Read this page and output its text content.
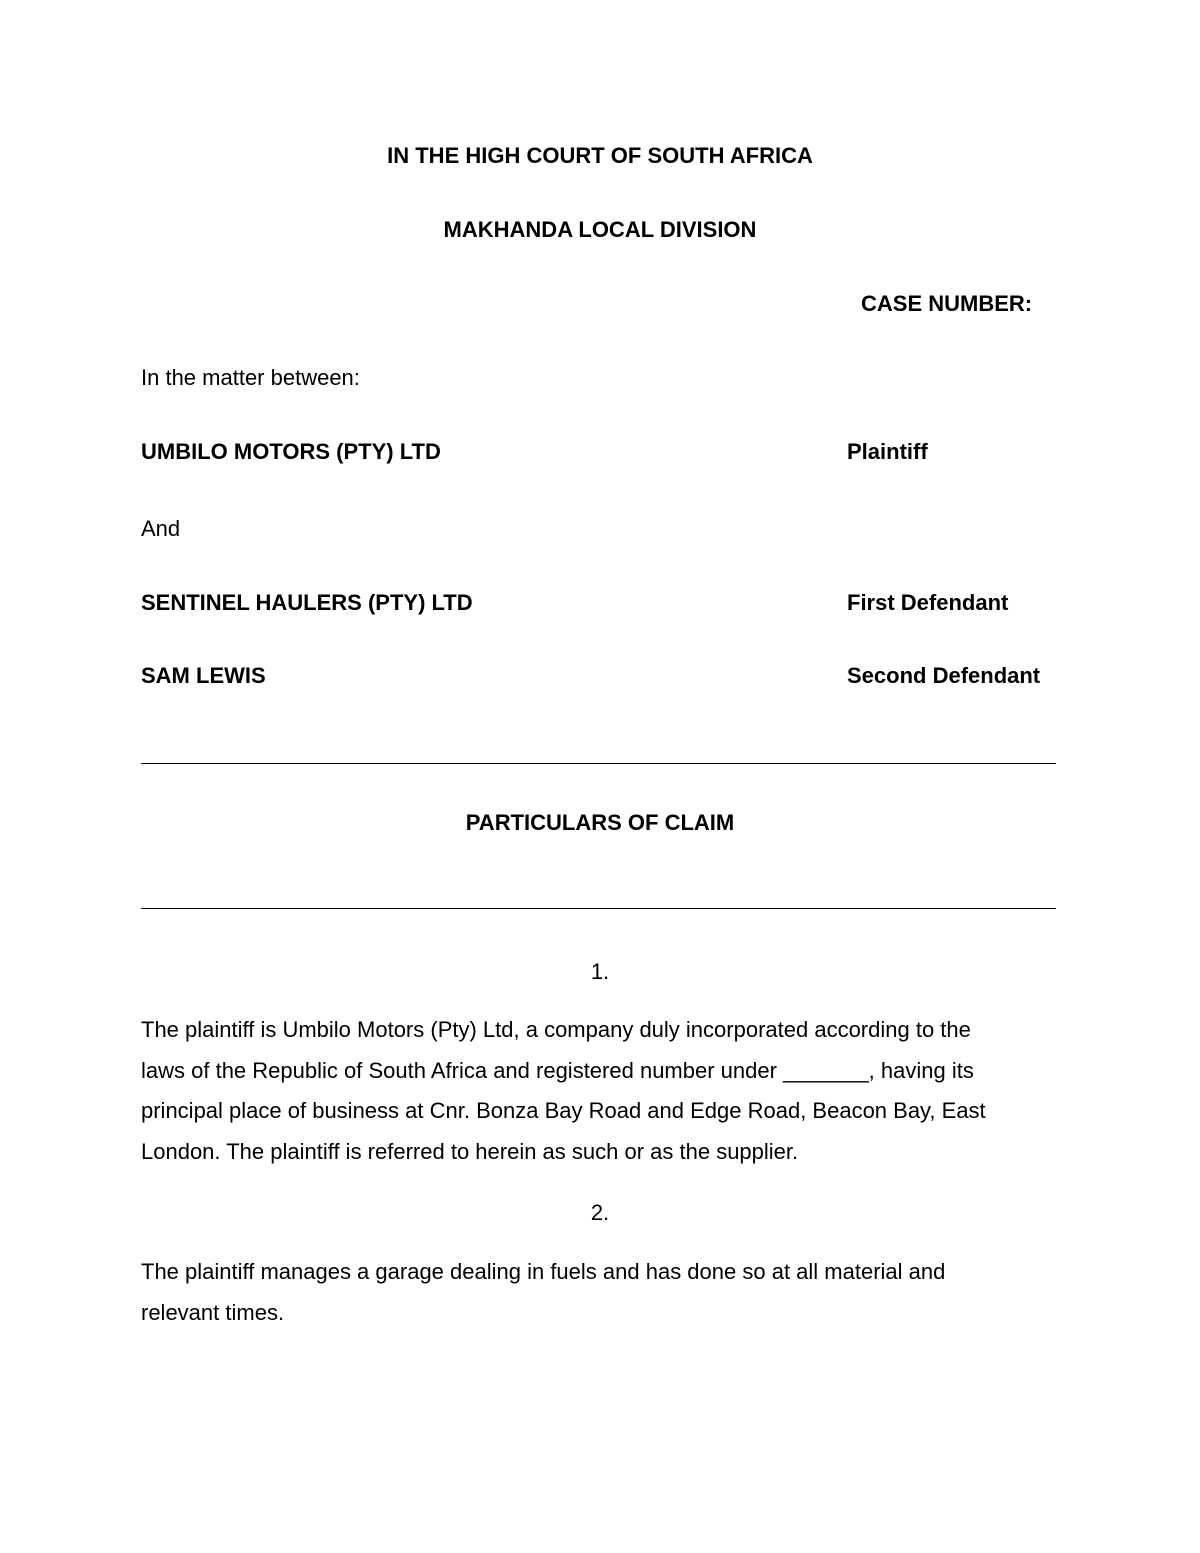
IN THE HIGH COURT OF SOUTH AFRICA
MAKHANDA LOCAL DIVISION
CASE NUMBER:
In the matter between:
UMBILO MOTORS (PTY) LTD	Plaintiff
And
SENTINEL HAULERS (PTY) LTD	First Defendant
SAM LEWIS	Second Defendant
PARTICULARS OF CLAIM
1.
The plaintiff is Umbilo Motors (Pty) Ltd, a company duly incorporated according to the
laws of the Republic of South Africa and registered number under _______, having its
principal place of business at Cnr. Bonza Bay Road and Edge Road, Beacon Bay, East
London. The plaintiff is referred to herein as such or as the supplier.
2.
The plaintiff manages a garage dealing in fuels and has done so at all material and
relevant times.
